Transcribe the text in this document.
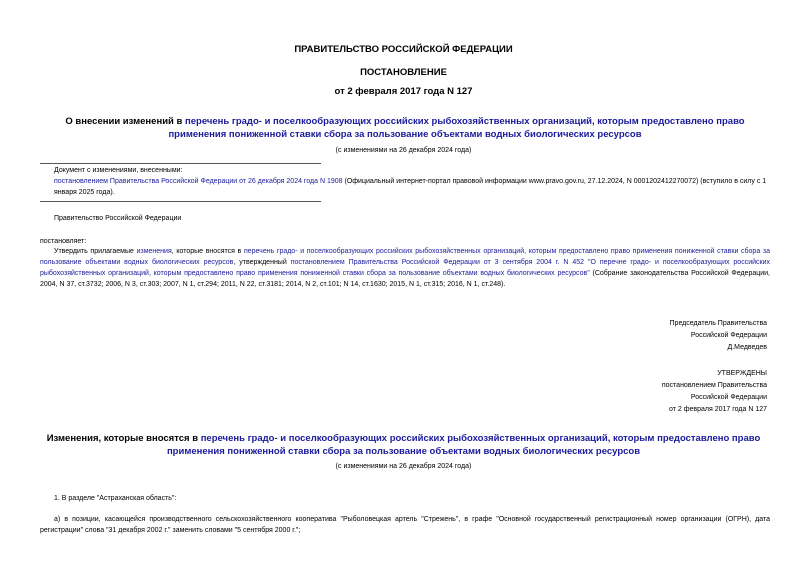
ПРАВИТЕЛЬСТВО РОССИЙСКОЙ ФЕДЕРАЦИИ
ПОСТАНОВЛЕНИЕ
от 2 февраля 2017 года N 127
О внесении изменений в перечень градо- и поселкообразующих российских рыбохозяйственных организаций, которым предоставлено право применения пониженной ставки сбора за пользование объектами водных биологических ресурсов
(с изменениями на 26 декабря 2024 года)
Документ с изменениями, внесенными:
постановлением Правительства Российской Федерации от 26 декабря 2024 года N 1908 (Официальный интернет-портал правовой информации www.pravo.gov.ru, 27.12.2024, N 0001202412270072) (вступило в силу с 1 января 2025 года).
Правительство Российской Федерации
постановляет:
Утвердить прилагаемые изменения, которые вносятся в перечень градо- и поселкообразующих российских рыбохозяйственных организаций, которым предоставлено право применения пониженной ставки сбора за пользование объектами водных биологических ресурсов, утвержденный постановлением Правительства Российской Федерации от 3 сентября 2004 г. N 452 "О перечне градо- и поселкообразующих российских рыбохозяйственных организаций, которым предоставлено право применения пониженной ставки сбора за пользование объектами водных биологических ресурсов" (Собрание законодательства Российской Федерации, 2004, N 37, ст.3732; 2006, N 3, ст.303; 2007, N 1, ст.294; 2011, N 22, ст.3181; 2014, N 2, ст.101; N 14, ст.1630; 2015, N 1, ст.315; 2016, N 1, ст.248).
Председатель Правительства
Российской Федерации
Д.Медведев
УТВЕРЖДЕНЫ
постановлением Правительства
Российской Федерации
от 2 февраля 2017 года N 127
Изменения, которые вносятся в перечень градо- и поселкообразующих российских рыбохозяйственных организаций, которым предоставлено право применения пониженной ставки сбора за пользование объектами водных биологических ресурсов
(с изменениями на 26 декабря 2024 года)
1. В разделе "Астраханская область":
а) в позиции, касающейся производственного сельскохозяйственного кооператива "Рыболовецкая артель "Стрежень", в графе "Основной государственный регистрационный номер организации (ОГРН), дата регистрации" слова "31 декабря 2002 г." заменить словами "5 сентября 2000 г.";
